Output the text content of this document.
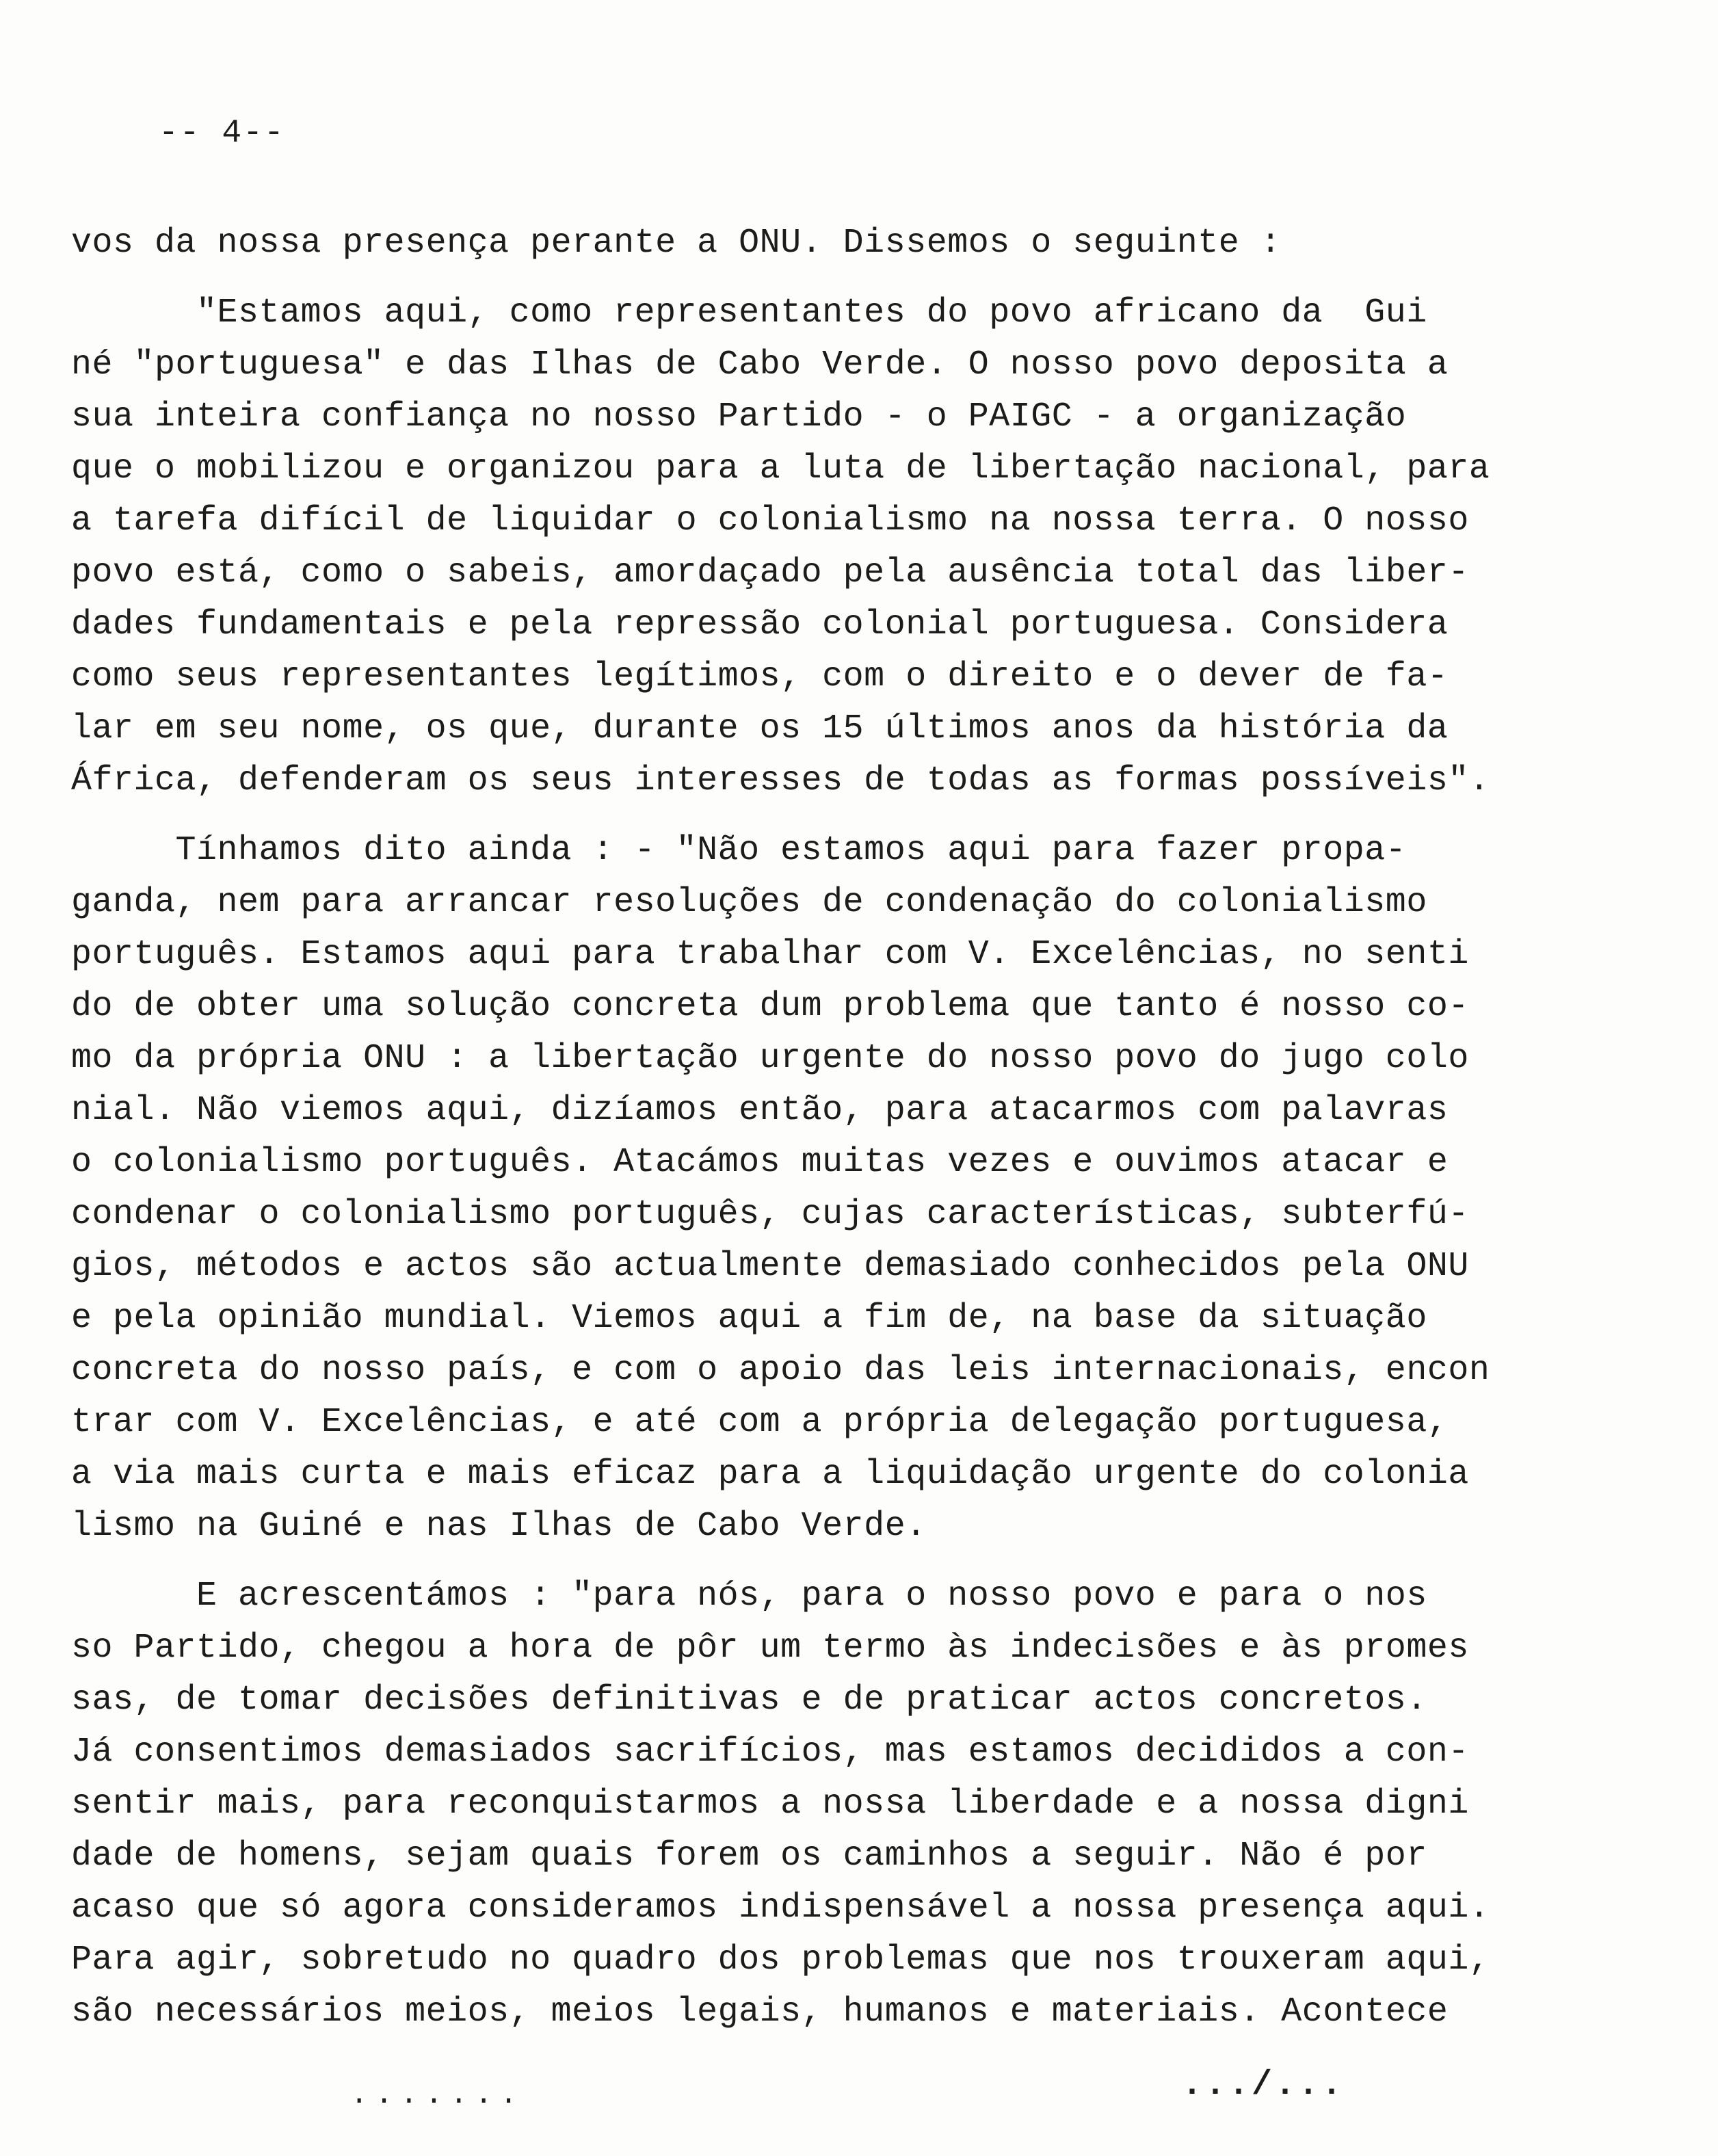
-- 4--
vos da nossa presença perante a ONU. Dissemos o seguinte :
"Estamos aqui, como representantes do povo africano da  Gui
né "portuguesa" e das Ilhas de Cabo Verde. O nosso povo deposita a
sua inteira confiança no nosso Partido - o PAIGC - a organização
que o mobilizou e organizou para a luta de libertação nacional, para
a tarefa difícil de liquidar o colonialismo na nossa terra. O nosso
povo está, como o sabeis, amordaçado pela ausência total das liber-
dades fundamentais e pela repressão colonial portuguesa. Considera
como seus representantes legítimos, com o direito e o dever de fa-
lar em seu nome, os que, durante os 15 últimos anos da história da
África, defenderam os seus interesses de todas as formas possíveis".
Tínhamos dito ainda : - "Não estamos aqui para fazer propa-
ganda, nem para arrancar resoluções de condenação do colonialismo
português. Estamos aqui para trabalhar com V. Excelências, no senti
do de obter uma solução concreta dum problema que tanto é nosso co-
mo da própria ONU : a libertação urgente do nosso povo do jugo colo
nial. Não viemos aqui, dizíamos então, para atacarmos com palavras
o colonialismo português. Atacámos muitas vezes e ouvimos atacar e
condenar o colonialismo português, cujas características, subterfú-
gios, métodos e actos são actualmente demasiado conhecidos pela ONU
e pela opinião mundial. Viemos aqui a fim de, na base da situação
concreta do nosso país, e com o apoio das leis internacionais, encon
trar com V. Excelências, e até com a própria delegação portuguesa,
a via mais curta e mais eficaz para a liquidação urgente do colonia
lismo na Guiné e nas Ilhas de Cabo Verde.
E acrescentámos : "para nós, para o nosso povo e para o nos
so Partido, chegou a hora de pôr um termo às indecisões e às promes
sas, de tomar decisões definitivas e de praticar actos concretos.
Já consentimos demasiados sacrifícios, mas estamos decididos a con-
sentir mais, para reconquistarmos a nossa liberdade e a nossa digni
dade de homens, sejam quais forem os caminhos a seguir. Não é por
acaso que só agora consideramos indispensável a nossa presença aqui.
Para agir, sobretudo no quadro dos problemas que nos trouxeram aqui,
são necessários meios, meios legais, humanos e materiais. Acontece
.......	.../...
